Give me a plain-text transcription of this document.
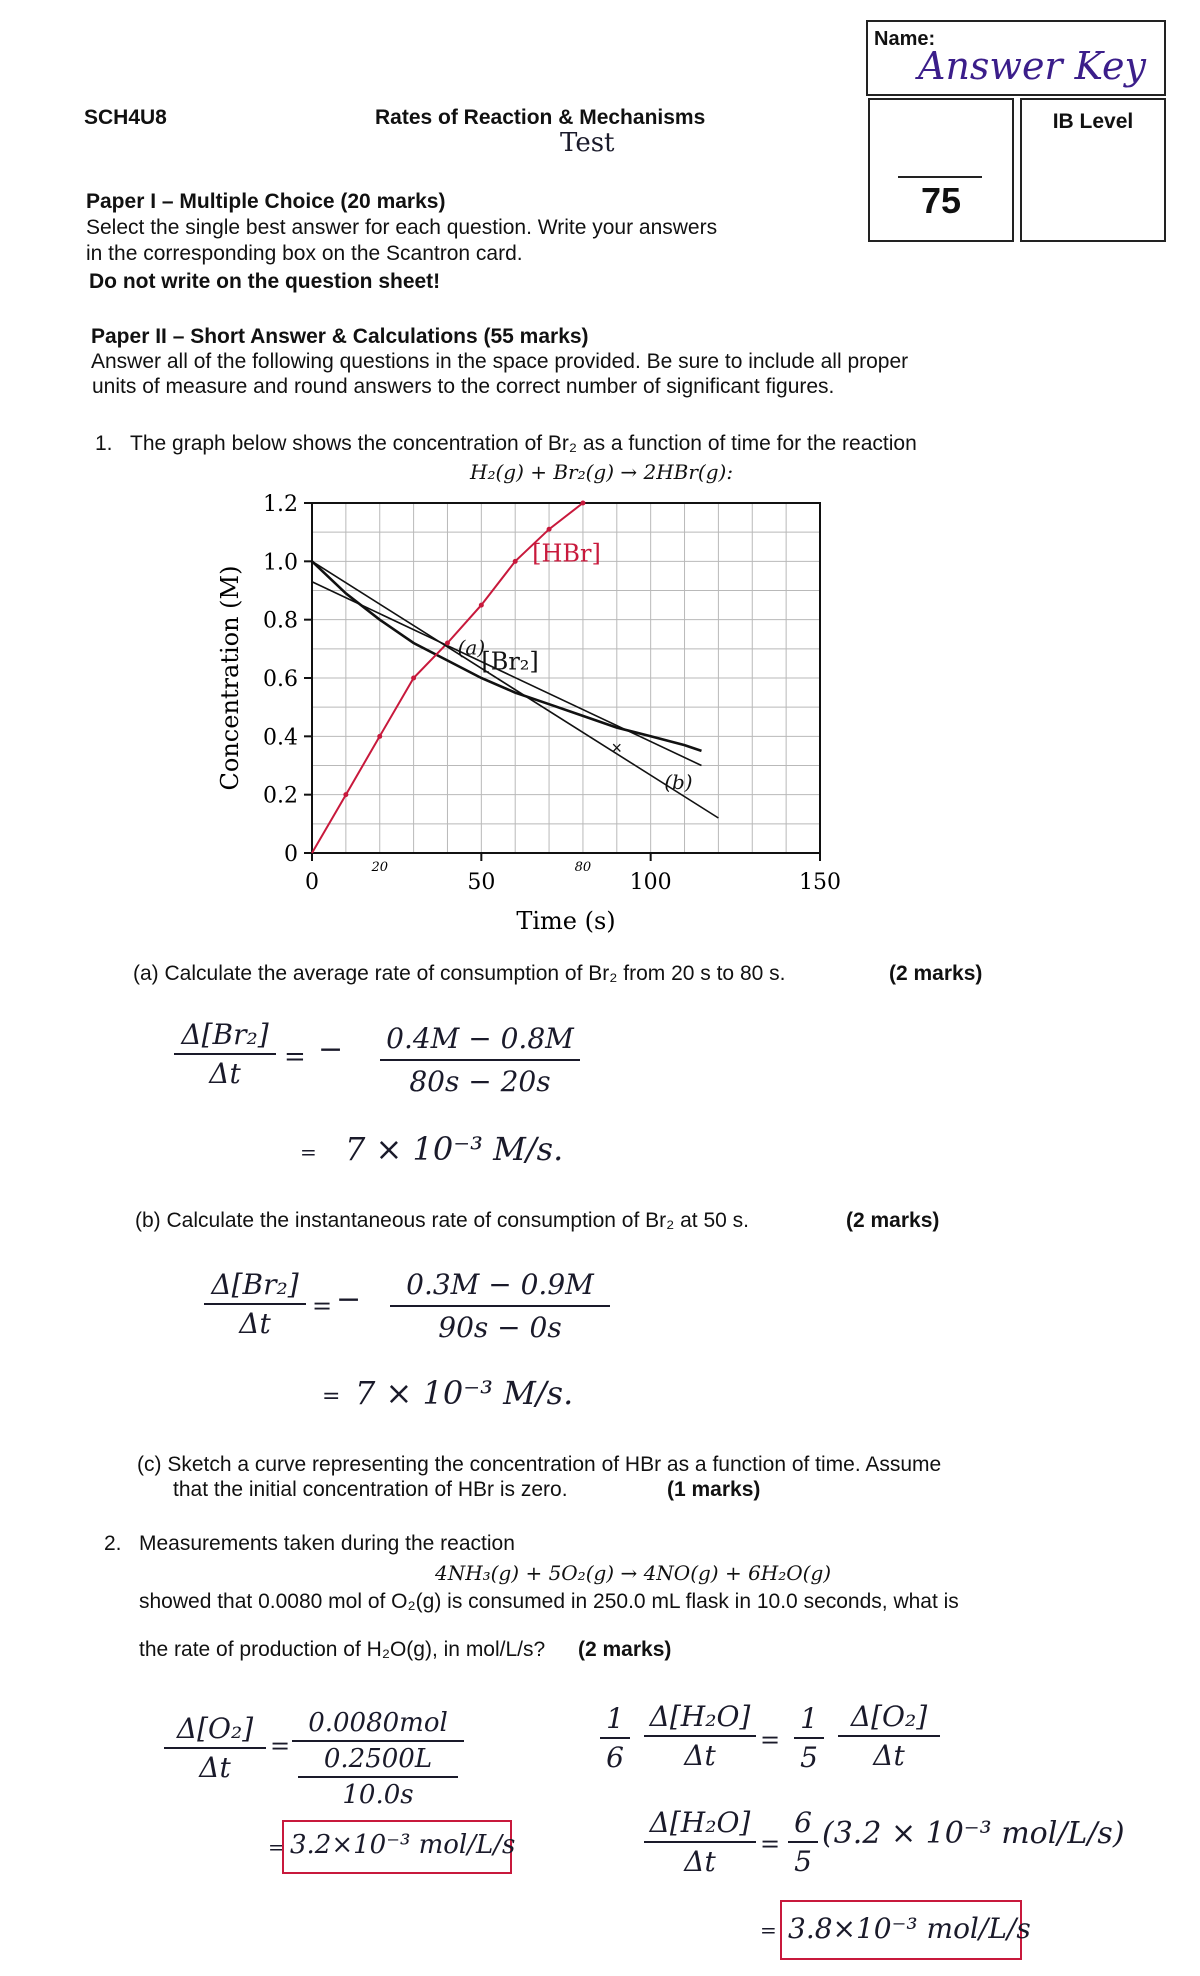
SCH4U8	Rates of Reaction & Mechanisms
Test
Name:
Answer Key
75
IB Level
Paper I – Multiple Choice (20 marks)
Select the single best answer for each question. Write your answers
in the corresponding box on the Scantron card.
Do not write on the question sheet!
Paper II – Short Answer & Calculations (55 marks)
Answer all of the following questions in the space provided. Be sure to include all proper
units of measure and round answers to the correct number of significant figures.
1. The graph below shows the concentration of Br₂ as a function of time for the reaction
H₂(g) + Br₂(g) → 2HBr(g):
0
0.2
0.4
0.6
0.8
1.0
1.2
0	50	100	150
20	80
×
[HBr]
[Br₂]
(a)
(b)
Time (s)
Concentration (M)
(a) Calculate the average rate of consumption of Br₂ from 20 s to 80 s.	(2 marks)
Δ[Br₂]
Δt	= −	0.4M − 0.8M
80s − 20s
= 7 × 10⁻³ M/s.
(b) Calculate the instantaneous rate of consumption of Br₂ at 50 s.	(2 marks)
Δ[Br₂]
Δt
= −	0.3M − 0.9M
90s − 0s
= 7 × 10⁻³ M/s.
(c) Sketch a curve representing the concentration of HBr as a function of time. Assume
that the initial concentration of HBr is zero.	(1 marks)
2. Measurements taken during the reaction
4NH₃(g) + 5O₂(g) → 4NO(g) + 6H₂O(g)
showed that 0.0080 mol of O₂(g) is consumed in 250.0 mL flask in 10.0 seconds, what is
the rate of production of H₂O(g), in mol/L/s? (2 marks)
Δ[O₂]
Δt
=
0.0080mol
0.2500L
10.0s
= 3.2×10⁻³ mol/L/s
1
6
Δ[H₂O]
Δt	=
1
5
Δ[O₂]
Δt
Δ[H₂O]
Δt
=
6
5
(3.2 × 10⁻³ mol/L/s)
= 3.8×10⁻³ mol/L/s
